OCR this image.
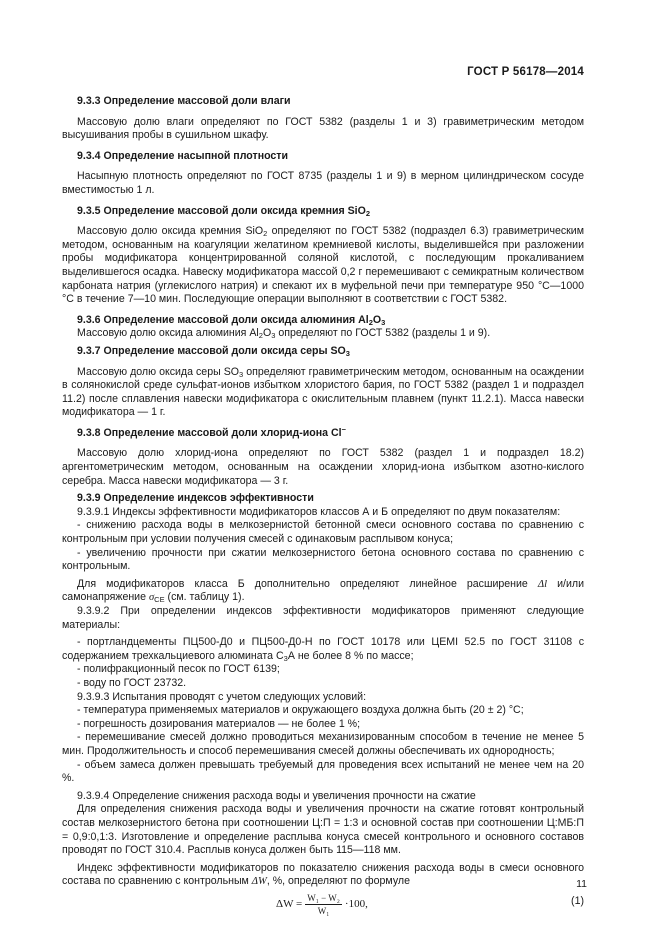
ГОСТ Р 56178—2014
9.3.3 Определение массовой доли влаги
Массовую долю влаги определяют по ГОСТ 5382 (разделы 1 и 3) гравиметрическим методом высушивания пробы в сушильном шкафу.
9.3.4 Определение насыпной плотности
Насыпную плотность определяют по ГОСТ 8735 (разделы 1 и 9) в мерном цилиндрическом сосуде вместимостью 1 л.
9.3.5 Определение массовой доли оксида кремния SiO$_2$
Массовую долю оксида кремния SiO$_2$ определяют по ГОСТ 5382 (подраздел 6.3) гравиметрическим методом, основанным на коагуляции желатином кремниевой кислоты, выделившейся при разложении пробы модификатора концентрированной соляной кислотой, с последующим прокаливанием выделившегося осадка. Навеску модификатора массой 0,2 г перемешивают с семикратным количеством карбоната натрия (углекислого натрия) и спекают их в муфельной печи при температуре 950 °С—1000 °С в течение 7—10 мин. Последующие операции выполняют в соответствии с ГОСТ 5382.
9.3.6 Определение массовой доли оксида алюминия $Al_2O_3$
Массовую долю оксида алюминия $Al_2O_3$ определяют по ГОСТ 5382 (разделы 1 и 9).
9.3.7 Определение массовой доли оксида серы $SO_3$
Массовую долю оксида серы $SO_3$ определяют гравиметрическим методом, основанным на осаждении в солянокислой среде сульфат-ионов избытком хлористого бария, по ГОСТ 5382 (раздел 1 и подраздел 11.2) после сплавления навески модификатора с окислительным плавнем (пункт 11.2.1). Масса навески модификатора — 1 г.
9.3.8 Определение массовой доли хлорид-иона Cl−
Массовую долю хлорид-иона определяют по ГОСТ 5382 (раздел 1 и подраздел 18.2) аргентометрическим методом, основанным на осаждении хлорид-иона избытком азотно-кислого серебра. Масса навески модификатора — 3 г.
9.3.9 Определение индексов эффективности
9.3.9.1 Индексы эффективности модификаторов классов А и Б определяют по двум показателям:
- снижению расхода воды в мелкозернистой бетонной смеси основного состава по сравнению с контрольным при условии получения смесей с одинаковым расплывом конуса;
- увеличению прочности при сжатии мелкозернистого бетона основного состава по сравнению с контрольным.
Для модификаторов класса Б дополнительно определяют линейное расширение Δl и/или самонапряжение $\sigma_{CE}$ (см. таблицу 1).
9.3.9.2 При определении индексов эффективности модификаторов применяют следующие материалы:
- портландцементы ПЦ500-Д0 и ПЦ500-Д0-Н по ГОСТ 10178 или ЦЕМI 52.5 по ГОСТ 31108 с содержанием трехкальциевого алюмината $С_3А$ не более 8 % по массе;
- полифракционный песок по ГОСТ 6139;
- воду по ГОСТ 23732.
9.3.9.3 Испытания проводят с учетом следующих условий:
- температура применяемых материалов и окружающего воздуха должна быть (20 ± 2) °С;
- погрешность дозирования материалов — не более 1 %;
- перемешивание смесей должно проводиться механизированным способом в течение не менее 5 мин. Продолжительность и способ перемешивания смесей должны обеспечивать их однородность;
- объем замеса должен превышать требуемый для проведения всех испытаний не менее чем на 20 %.
9.3.9.4 Определение снижения расхода воды и увеличения прочности на сжатие
Для определения снижения расхода воды и увеличения прочности на сжатие готовят контрольный состав мелкозернистого бетона при соотношении Ц:П = 1:3 и основной состав при соотношении Ц:МБ:П = 0,9:0,1:3. Изготовление и определение расплыва конуса смесей контрольного и основного составов проводят по ГОСТ 310.4. Расплыв конуса должен быть 115—118 мм.
Индекс эффективности модификаторов по показателю снижения расхода воды в смеси основного состава по сравнению с контрольным ΔW, %, определяют по формуле
$\Delta W = \frac{\text{W₁ − W₂}}{\text{W₁}} \cdot 100$,	(1)
11
